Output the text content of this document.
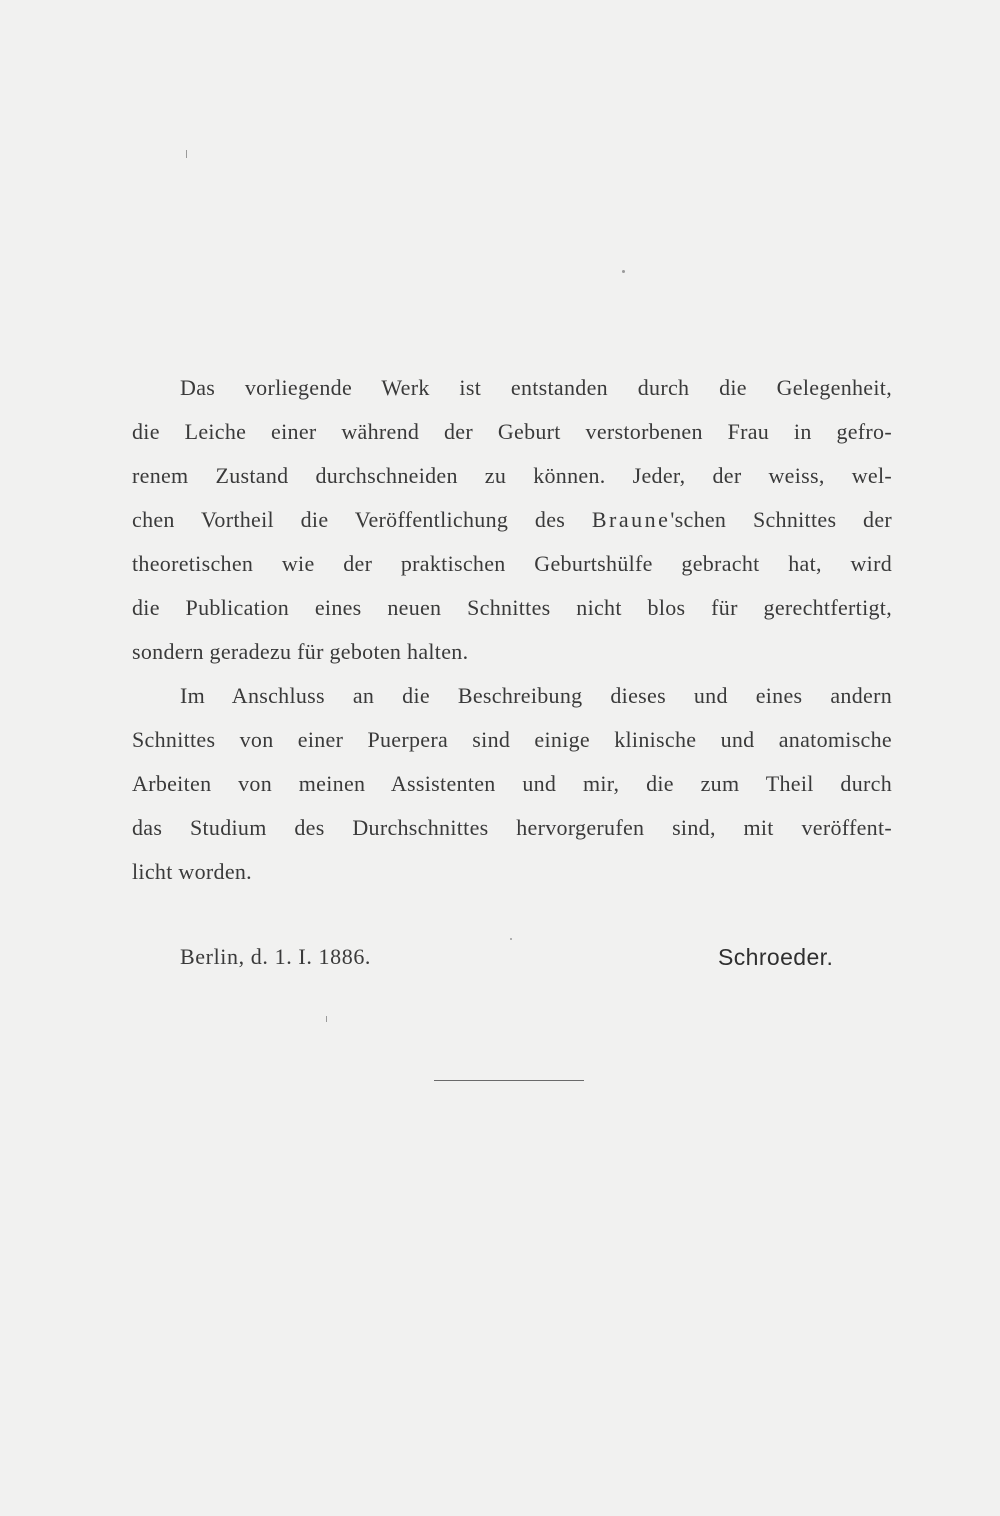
Das vorliegende Werk ist entstanden durch die Gelegenheit,
die Leiche einer während der Geburt verstorbenen Frau in gefro-
renem Zustand durchschneiden zu können. Jeder, der weiss, wel-
chen Vortheil die Veröffentlichung des Braune'schen Schnittes der
theoretischen wie der praktischen Geburtshülfe gebracht hat, wird
die Publication eines neuen Schnittes nicht blos für gerechtfertigt,
sondern geradezu für geboten halten.
Im Anschluss an die Beschreibung dieses und eines andern
Schnittes von einer Puerpera sind einige klinische und anatomische
Arbeiten von meinen Assistenten und mir, die zum Theil durch
das Studium des Durchschnittes hervorgerufen sind, mit veröffent-
licht worden.
Berlin, d. 1. I. 1886.	Schroeder.
